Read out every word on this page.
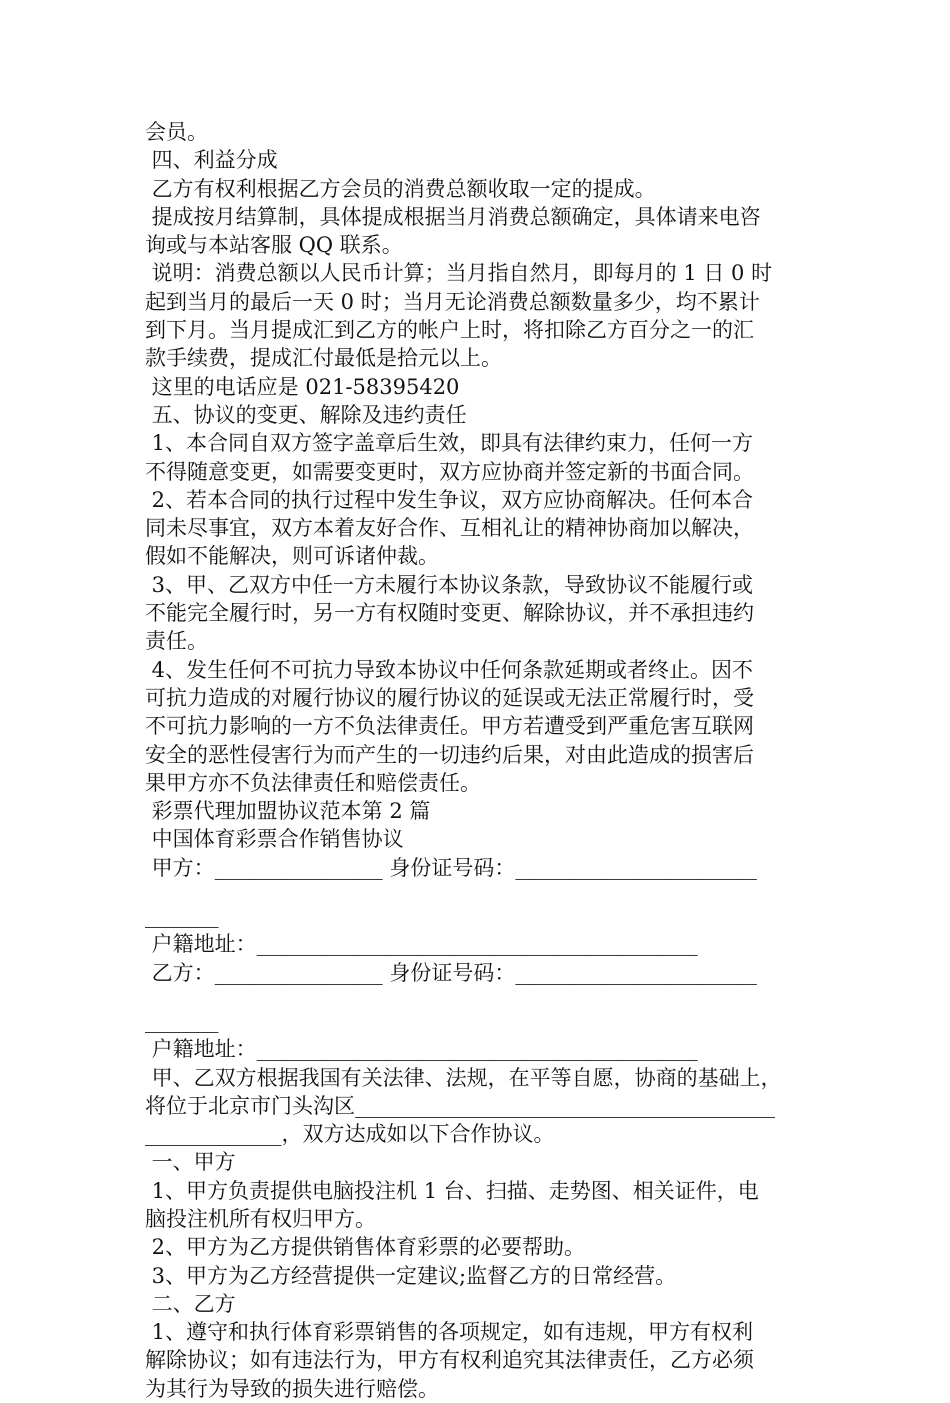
会员。
四、利益分成
乙方有权利根据乙方会员的消费总额收取一定的提成。
提成按月结算制，具体提成根据当月消费总额确定，具体请来电咨
询或与本站客服 QQ 联系。
说明：消费总额以人民币计算；当月指自然月，即每月的 1 日 0 时
起到当月的最后一天 0 时；当月无论消费总额数量多少，均不累计
到下月。当月提成汇到乙方的帐户上时，将扣除乙方百分之一的汇
款手续费，提成汇付最低是拾元以上。
这里的电话应是 021-58395420
五、协议的变更、解除及违约责任
1、本合同自双方签字盖章后生效，即具有法律约束力，任何一方
不得随意变更，如需要变更时，双方应协商并签定新的书面合同。
2、若本合同的执行过程中发生争议，双方应协商解决。任何本合
同未尽事宜，双方本着友好合作、互相礼让的精神协商加以解决，
假如不能解决，则可诉诸仲裁。
3、甲、乙双方中任一方未履行本协议条款，导致协议不能履行或
不能完全履行时，另一方有权随时变更、解除协议，并不承担违约
责任。
4、发生任何不可抗力导致本协议中任何条款延期或者终止。因不
可抗力造成的对履行协议的履行协议的延误或无法正常履行时，受
不可抗力影响的一方不负法律责任。甲方若遭受到严重危害互联网
安全的恶性侵害行为而产生的一切违约后果，对由此造成的损害后
果甲方亦不负法律责任和赔偿责任。
彩票代理加盟协议范本第 2 篇
中国体育彩票合作销售协议
甲方：________________ 身份证号码：_______________________
_______
户籍地址：__________________________________________
乙方：________________ 身份证号码：_______________________
_______
户籍地址：__________________________________________
甲、乙双方根据我国有关法律、法规，在平等自愿，协商的基础上，
将位于北京市门头沟区________________________________________
_____________，双方达成如以下合作协议。
一、甲方
1、甲方负责提供电脑投注机 1 台、扫描、走势图、相关证件，电
脑投注机所有权归甲方。
2、甲方为乙方提供销售体育彩票的必要帮助。
3、甲方为乙方经营提供一定建议;监督乙方的日常经营。
二、乙方
1、遵守和执行体育彩票销售的各项规定，如有违规，甲方有权利
解除协议；如有违法行为，甲方有权利追究其法律责任，乙方必须
为其行为导致的损失进行赔偿。
